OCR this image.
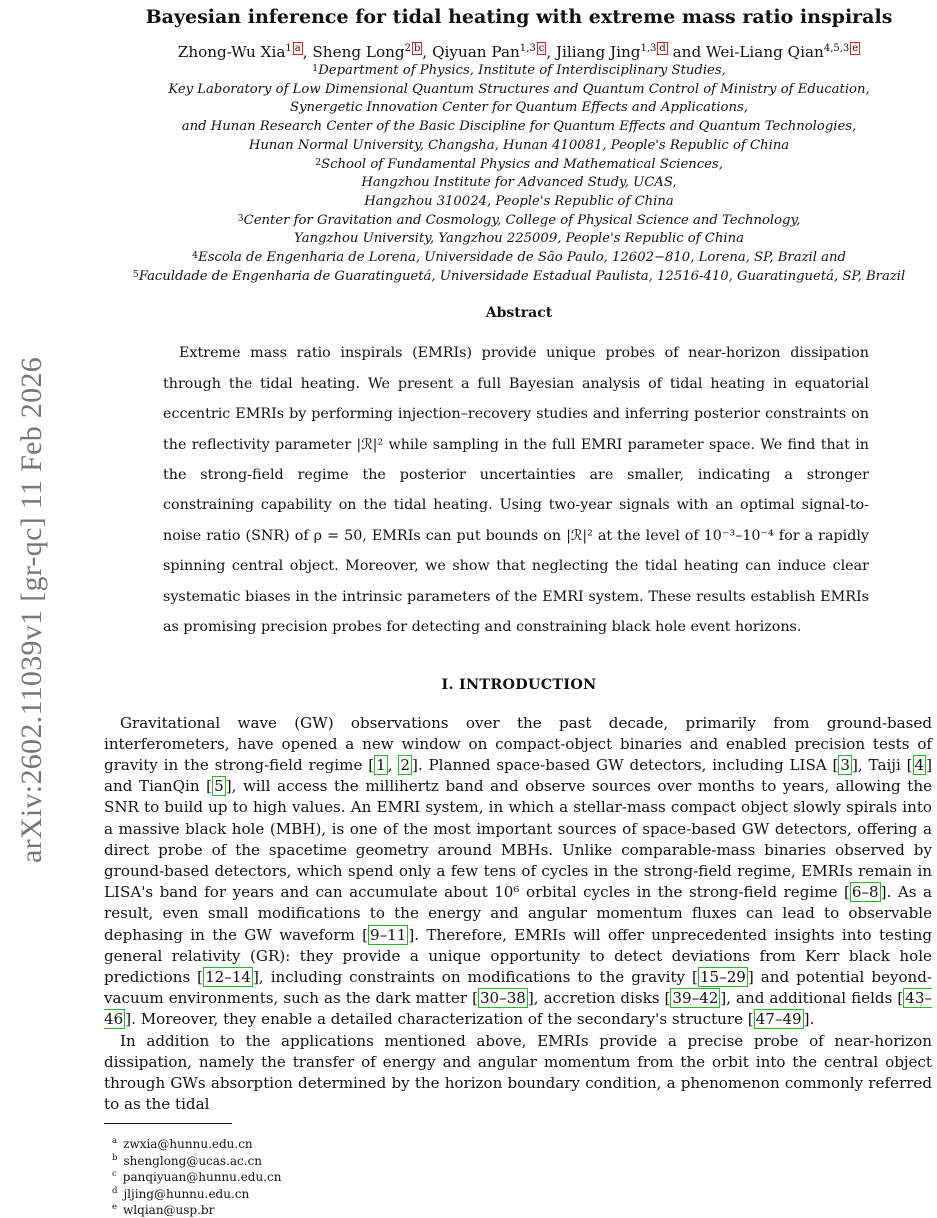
arXiv:2602.11039v1 [gr-qc] 11 Feb 2026
Bayesian inference for tidal heating with extreme mass ratio inspirals
Zhong-Wu Xia$^{1 a}$ , Sheng Long$^{2 b}$ , Qiyuan Pan$^{1,3 c}$ , Jiliang Jing$^{1,3 d}$ and Wei-Liang Qian$^{4,5,3 e}$
$^1$Department of Physics, Institute of Interdisciplinary Studies,
Key Laboratory of Low Dimensional Quantum Structures and Quantum Control of Ministry of Education,
Synergetic Innovation Center for Quantum Effects and Applications,
and Hunan Research Center of the Basic Discipline for Quantum Effects and Quantum Technologies,
Hunan Normal University, Changsha, Hunan 410081, People's Republic of China
$^2$School of Fundamental Physics and Mathematical Sciences,
Hangzhou Institute for Advanced Study, UCAS,
Hangzhou 310024, People's Republic of China
$^3$Center for Gravitation and Cosmology, College of Physical Science and Technology,
Yangzhou University, Yangzhou 225009, People's Republic of China
$^4$Escola de Engenharia de Lorena, Universidade de São Paulo, 12602−810, Lorena, SP, Brazil and
$^5$Faculdade de Engenharia de Guaratinguetá, Universidade Estadual Paulista, 12516-410, Guaratinguetá, SP, Brazil
Abstract
Extreme mass ratio inspirals (EMRIs) provide unique probes of near-horizon dissipation through the tidal heating. We present a full Bayesian analysis of tidal heating in equatorial eccentric EMRIs by performing injection–recovery studies and inferring posterior constraints on the reflectivity parameter |ℛ|² while sampling in the full EMRI parameter space. We find that in the strong-field regime the posterior uncertainties are smaller, indicating a stronger constraining capability on the tidal heating. Using two-year signals with an optimal signal-to-noise ratio (SNR) of ρ = 50, EMRIs can put bounds on |ℛ|² at the level of 10⁻³–10⁻⁴ for a rapidly spinning central object. Moreover, we show that neglecting the tidal heating can induce clear systematic biases in the intrinsic parameters of the EMRI system. These results establish EMRIs as promising precision probes for detecting and constraining black hole event horizons.
I. INTRODUCTION

Gravitational wave (GW) observations over the past decade, primarily from ground-based interferometers, have opened a new window on compact-object binaries and enabled precision tests of gravity in the strong-field regime [ 1 , 2 ]. Planned space-based GW detectors, including LISA [ 3 ], Taiji [ 4 ] and TianQin [ 5 ], will access the millihertz band and observe sources over months to years, allowing the SNR to build up to high values. An EMRI system, in which a stellar-mass compact object slowly spirals into a massive black hole (MBH), is one of the most important sources of space-based GW detectors, offering a direct probe of the spacetime geometry around MBHs. Unlike comparable-mass binaries observed by ground-based detectors, which spend only a few tens of cycles in the strong-field regime, EMRIs remain in LISA's band for years and can accumulate about 10⁶ orbital cycles in the strong-field regime [ 6–8 ]. As a result, even small modifications to the energy and angular momentum fluxes can lead to observable dephasing in the GW waveform [ 9–11 ]. Therefore, EMRIs will offer unprecedented insights into testing general relativity (GR): they provide a unique opportunity to detect deviations from Kerr black hole predictions [ 12–14 ], including constraints on modifications to the gravity [ 15–29 ] and potential beyond-vacuum environments, such as the dark matter [ 30–38 ], accretion disks [ 39–42 ], and additional fields [ 43–46 ]. Moreover, they enable a detailed characterization of the secondary's structure [ 47–49 ].

In addition to the applications mentioned above, EMRIs provide a precise probe of near-horizon dissipation, namely the transfer of energy and angular momentum from the orbit into the central object through GWs absorption determined by the horizon boundary condition, a phenomenon commonly referred to as the tidal

$^a$ zwxia@hunnu.edu.cn
$^b$ shenglong@ucas.ac.cn
$^c$ panqiyuan@hunnu.edu.cn
$^d$ jljing@hunnu.edu.cn
$^e$ wlqian@usp.br
